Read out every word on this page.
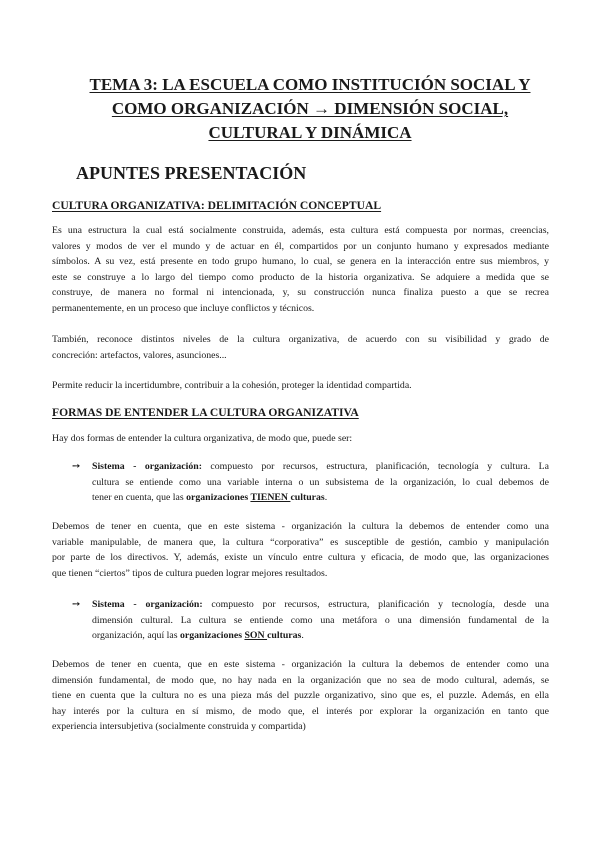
TEMA 3: LA ESCUELA COMO INSTITUCIÓN SOCIAL Y
COMO ORGANIZACIÓN → DIMENSIÓN SOCIAL,
CULTURAL Y DINÁMICA
APUNTES PRESENTACIÓN
CULTURA ORGANIZATIVA: DELIMITACIÓN CONCEPTUAL
Es una estructura la cual está socialmente construida, además, esta cultura está compuesta por normas, creencias,
valores y modos de ver el mundo y de actuar en él, compartidos por un conjunto humano y expresados mediante
símbolos. A su vez, está presente en todo grupo humano, lo cual, se genera en la interacción entre sus miembros, y
este se construye a lo largo del tiempo como producto de la historia organizativa. Se adquiere a medida que se
construye, de manera no formal ni intencionada, y, su construcción nunca finaliza puesto a que se recrea
permanentemente, en un proceso que incluye conflictos y técnicos.
También, reconoce distintos niveles de la cultura organizativa, de acuerdo con su visibilidad y grado de
concreción: artefactos, valores, asunciones...
Permite reducir la incertidumbre, contribuir a la cohesión, proteger la identidad compartida.
FORMAS DE ENTENDER LA CULTURA ORGANIZATIVA
Hay dos formas de entender la cultura organizativa, de modo que, puede ser:
➙	Sistema - organización: compuesto por recursos, estructura, planificación, tecnología y cultura. La
cultura se entiende como una variable interna o un subsistema de la organización, lo cual debemos de
tener en cuenta, que las organizaciones TIENEN culturas.
Debemos de tener en cuenta, que en este sistema - organización la cultura la debemos de entender como una
variable manipulable, de manera que, la cultura “corporativa” es susceptible de gestión, cambio y manipulación
por parte de los directivos. Y, además, existe un vínculo entre cultura y eficacia, de modo que, las organizaciones
que tienen “ciertos” tipos de cultura pueden lograr mejores resultados.
➙	Sistema - organización: compuesto por recursos, estructura, planificación y tecnología, desde una
dimensión cultural. La cultura se entiende como una metáfora o una dimensión fundamental de la
organización, aquí las organizaciones SON culturas.
Debemos de tener en cuenta, que en este sistema - organización la cultura la debemos de entender como una
dimensión fundamental, de modo que, no hay nada en la organización que no sea de modo cultural, además, se
tiene en cuenta que la cultura no es una pieza más del puzzle organizativo, sino que es, el puzzle. Además, en ella
hay interés por la cultura en sí mismo, de modo que, el interés por explorar la organización en tanto que
experiencia intersubjetiva (socialmente construida y compartida)
